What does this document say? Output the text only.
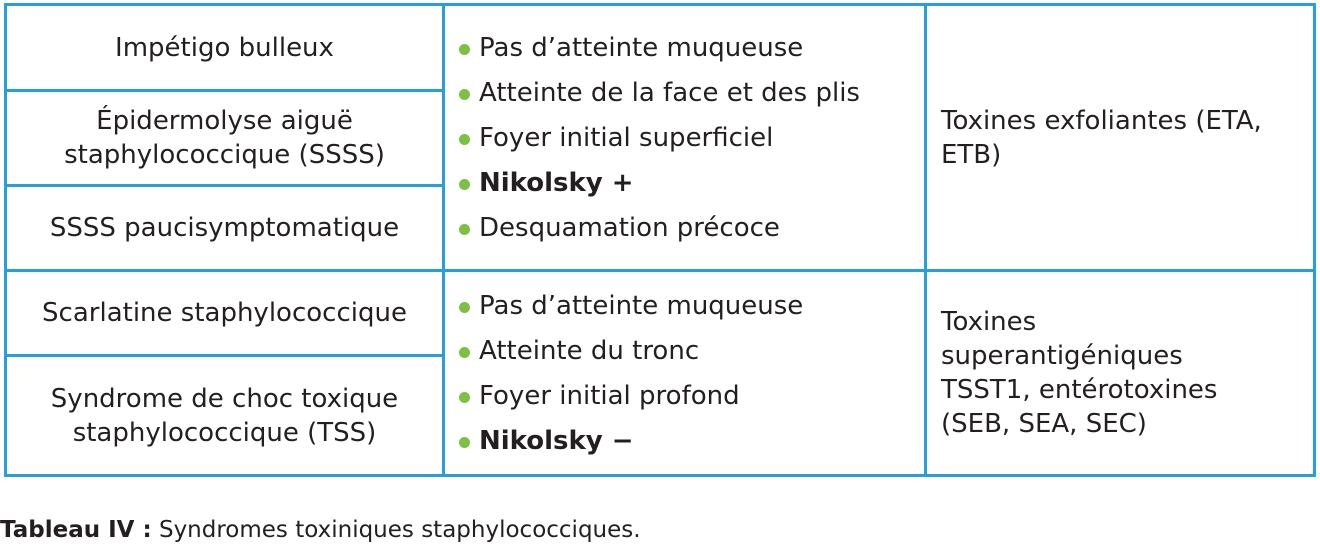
Impétigo bulleux
Épidermolyse aiguë staphylococcique (SSSS)
SSSS paucisymptomatique
Pas d’atteinte muqueuse
Atteinte de la face et des plis
Foyer initial superficiel
Nikolsky +
Desquamation précoce
Toxines exfoliantes (ETA, ETB)
Scarlatine staphylococcique
Syndrome de choc toxique staphylococcique (TSS)
Pas d’atteinte muqueuse
Atteinte du tronc
Foyer initial profond
Nikolsky −
Toxines superantigéniques TSST1, entérotoxines (SEB, SEA, SEC)
Tableau IV : Syndromes toxiniques staphylococciques.
